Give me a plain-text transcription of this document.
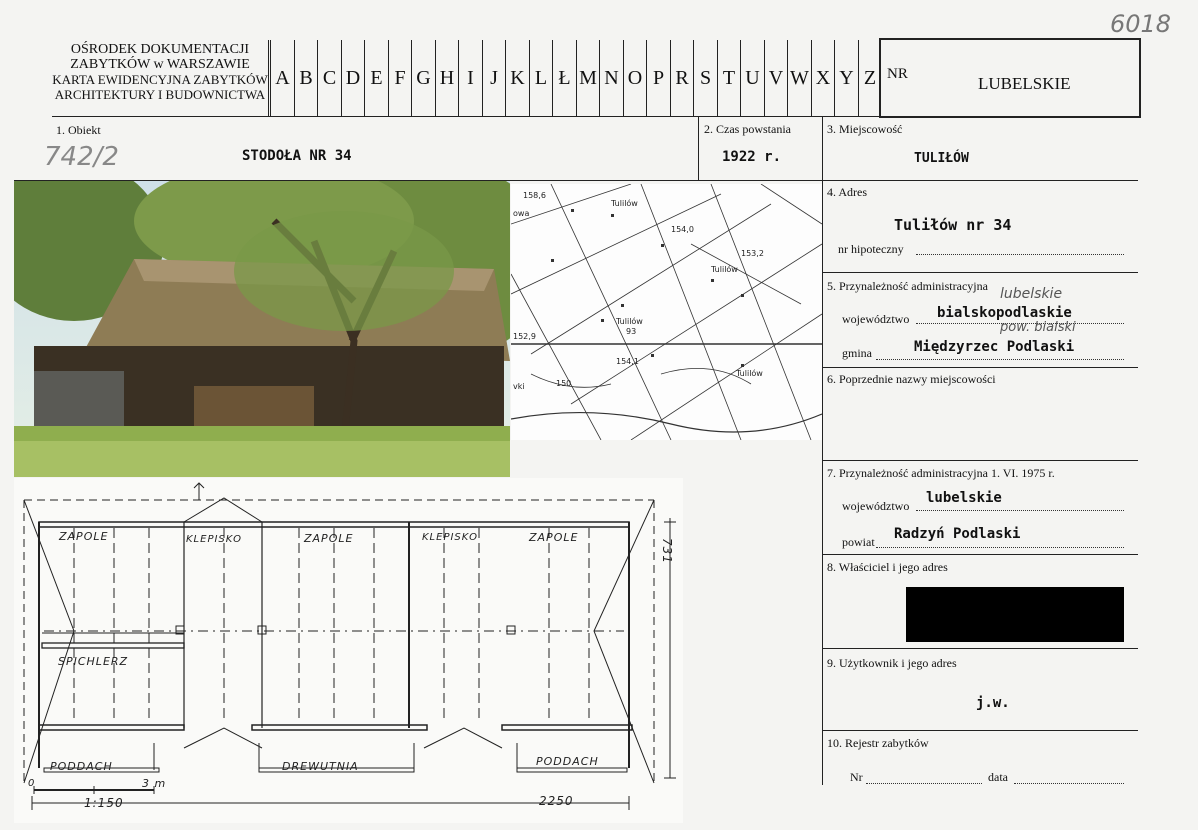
6018
OŚRODEK DOKUMENTACJI
ZABYTKÓW w WARSZAWIE
KARTA EWIDENCYJNA ZABYTKÓW
ARCHITEKTURY I BUDOWNICTWA
A B C D E F G H I J K L Ł M N O P R S T U V W X Y Z NR	LUBELSKIE
1. Obiekt
742/2	STODOŁA NR 34
2. Czas powstania
1922 r.
3. Miejscowość
TULIŁÓW
158,6
owa
154,0
153,2
Tulilów
Tulilów
Tulilów
93
152,9
154,1
Tulilów
vki	150
4. Adres
Tuliłów nr 34
nr hipoteczny
5. Przynależność administracyjna lubelskie
województwo bialskopodlaskie
pow. bialski
gmina	Międzyrzec Podlaski
6. Poprzednie nazwy miejscowości
7. Przynależność administracyjna 1. VI. 1975 r.
województwo lubelskie
powiat Radzyń Podlaski
8. Właściciel i jego adres
9. Użytkownik i jego adres
j.w.
10. Rejestr zabytków
Nr	data
ZAPOLE	KLEPISKO	ZAPOLE	KLEPISKO	ZAPOLE
SPICHLERZ
PODDACH	DREWUTNIA	PODDACH
731
2250
0	3 m
1:150
